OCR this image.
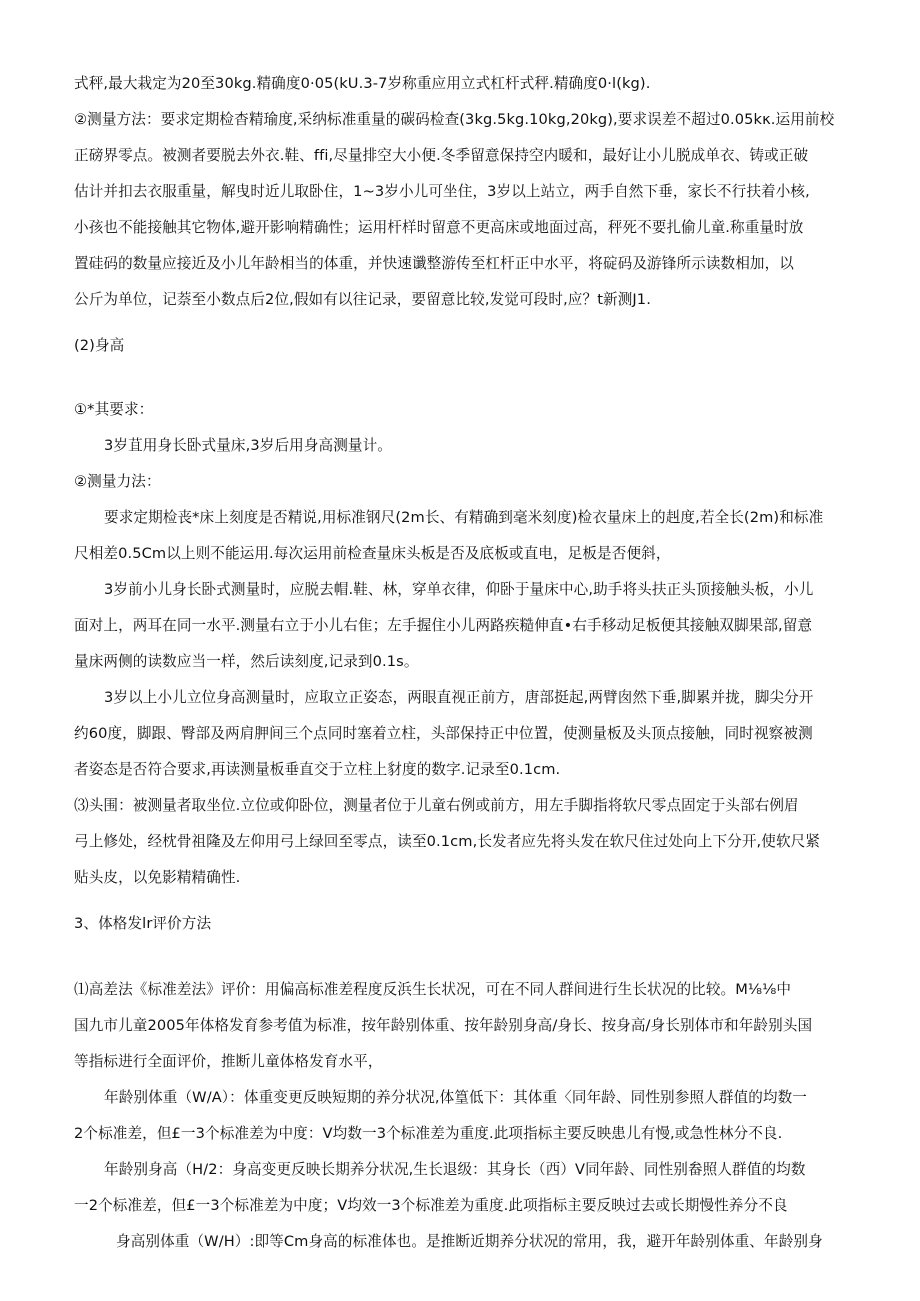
式秤,最大栽定为20至30kg.精确度0·05(kU.3-7岁称重应用立式杠杆式秤.精确度0·l(kg).
②测量方法：要求定期检杳精瑜度,采纳标准重量的碳码检查(3kg.5kg.10kg,20kg),要求误差不超过0.05kκ.运用前校
正磅界零点。被测者要脱去外衣.鞋、ffi,尽量排空大小便.冬季留意保持空内暖和，最好让小儿脱成单衣、铸或正破
估计并扣去衣服重量，解曳时近儿取卧住，1~3岁小儿可坐住，3岁以上站立，两手自然下垂，家长不行扶着小核,
小孩也不能接触其它物体,避开影响精确性；运用杆样时留意不更高床或地面过高，秤死不要扎偷儿童.称重量时放
置硅码的数量应接近及小儿年龄相当的体重，并快速谶整游传至杠杆正中水平，将碇码及游锋所示读数相加，以
公斤为单位，记萘至小数点后2位,假如有以往记录，要留意比较,发觉可段时,应？t新测J1.
(2)身高
①*其要求：
3岁苴用身长卧式量床,3岁后用身高测量计。
②测量力法：
要求定期检丧*床上刻度是否精说,用标准钢尺(2m长、有精确到毫米刻度)检衣量床上的赳度,若全长(2m)和标准
尺相差0.5Cm以上则不能运用.每次运用前检查量床头板是否及底板或直电，足板是否便斜，
3岁前小儿身长卧式测量时，应脱去帽.鞋、林，穿单衣律，仰卧于量床中心,助手将头扶正头顶接触头板，小儿
面对上，两耳在同一水平.测量右立于小儿右隹；左手握住小儿两路疾糙伸直•右手移动足板便其接触双脚果部,留意
量床两侧的读数应当一样，然后读刻度,记录到0.1s。
3岁以上小儿立位身高测量时，应取立正姿态，两眼直视正前方，唐部挺起,两臂囱然下垂,脚累并拢，脚尖分开
约60度，脚跟、臀部及两肩胛间三个点同时塞着立柱，头部保持正中位置，使测量板及头顶点接触，同时视察被测
者姿态是否符合要求,再读测量板垂直交于立柱上豺度的数字.记录至0.1cm.
⑶头围：被测量者取坐位.立位或仰卧位，测量者位于儿童右例或前方，用左手脚指将软尺零点固定于头部右例眉
弓上修处，经枕骨祖隆及左仰用弓上绿回至零点，读至0.1cm,长发者应先将头发在软尺住过处向上下分开,使软尺紧
贴头皮，以免影精精确性.
3、体格发lr评价方法
⑴高差法《标准差法》评价：用偏高标准差程度反浜生长状况，可在不同人群间进行生长状况的比较。M⅛⅛中
国九市儿童2005年体格发育参考值为标准，按年龄别体重、按年龄别身高/身长、按身高/身长别体市和年龄别头国
等指标进行全面评价，推断儿童体格发育水平，
年龄别体重（W/A）：体重变更反映短期的养分状况,体篁低下：其体重〈同年龄、同性别参照人群值的均数一
2个标准差，但£一3个标准差为中度：V均数一3个标准差为重度.此项指标主要反映患儿有慢,或急性林分不良.
年龄别身高（H/2：身高变更反映长期养分状况,生长退级：其身长（西）V同年龄、同性别畚照人群值的均数
一2个标准差，但£一3个标准差为中度；V均效一3个标准差为重度.此项指标主要反映过去或长期慢性养分不良
身高别体重（W/H）:即等Cm身高的标准体也。是推断近期养分状况的常用，我，避开年龄别体重、年龄别身
